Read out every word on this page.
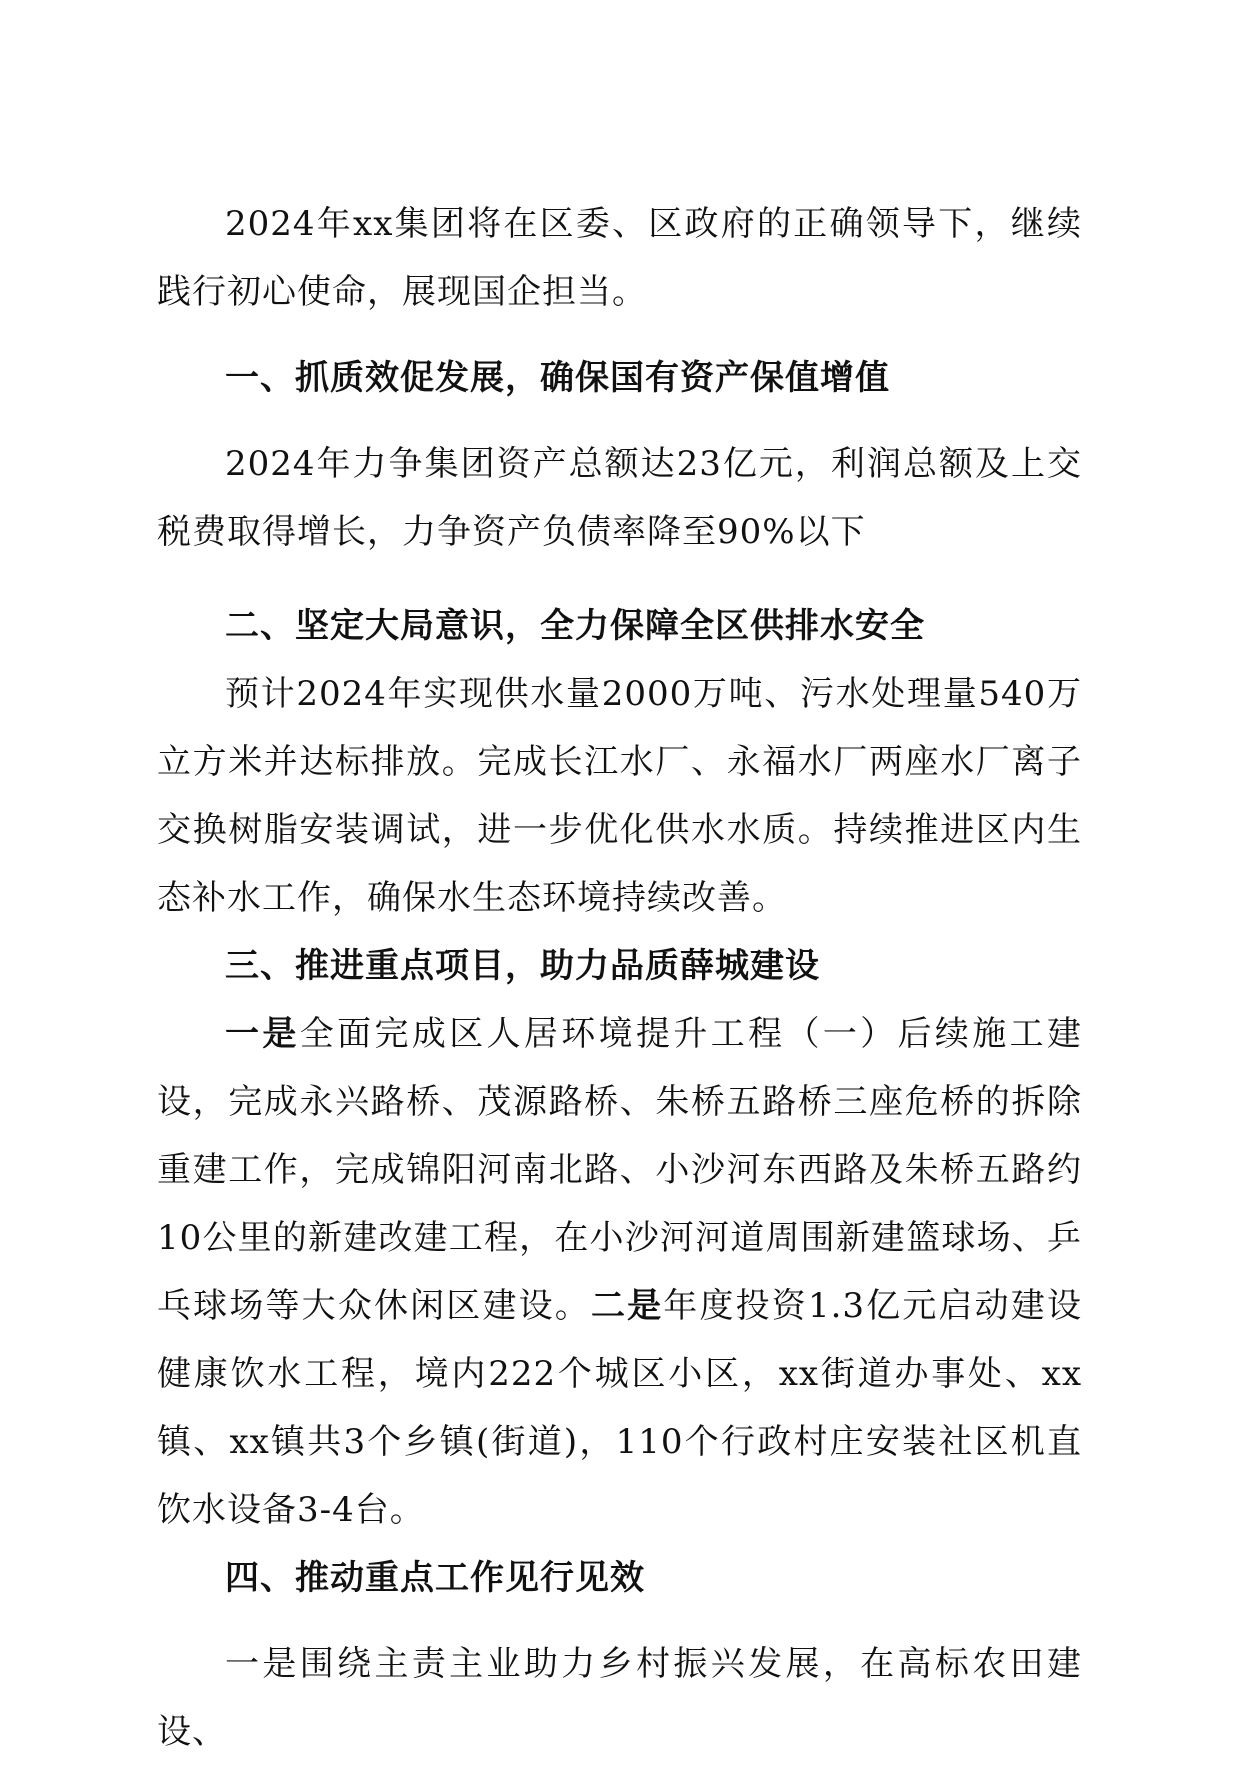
2024年xx集团将在区委、区政府的正确领导下，继续践行初心使命，展现国企担当。

一、抓质效促发展，确保国有资产保值增值

2024年力争集团资产总额达23亿元，利润总额及上交税费取得增长，力争资产负债率降至90%以下

二、坚定大局意识，全力保障全区供排水安全

预计2024年实现供水量2000万吨、污水处理量540万立方米并达标排放。完成长江水厂、永福水厂两座水厂离子交换树脂安装调试，进一步优化供水水质。持续推进区内生态补水工作，确保水生态环境持续改善。

三、推进重点项目，助力品质薛城建设

一是全面完成区人居环境提升工程（一）后续施工建设，完成永兴路桥、茂源路桥、朱桥五路桥三座危桥的拆除重建工作，完成锦阳河南北路、小沙河东西路及朱桥五路约10公里的新建改建工程，在小沙河河道周围新建篮球场、乒乓球场等大众休闲区建设。二是年度投资1.3亿元启动建设健康饮水工程，境内222个城区小区，xx街道办事处、xx镇、xx镇共3个乡镇(街道)，110个行政村庄安装社区机直饮水设备3-4台。

四、推动重点工作见行见效

一是围绕主责主业助力乡村振兴发展，在高标农田建设、
